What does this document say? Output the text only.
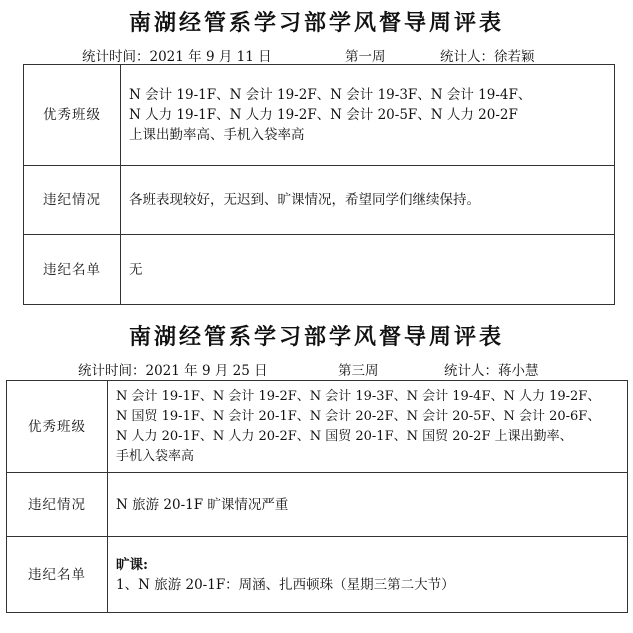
南湖经管系学习部学风督导周评表
统计时间：2021 年 9 月 11 日	第一周	统计人：徐若颖
优秀班级	N 会计 19-1F、N 会计 19-2F、N 会计 19-3F、N 会计 19-4F、
N 人力 19-1F、N 人力 19-2F、N 会计 20-5F、N 人力 20-2F
上课出勤率高、手机入袋率高

违纪情况	各班表现较好，无迟到、旷课情况，希望同学们继续保持。
违纪名单	无
南湖经管系学习部学风督导周评表
统计时间：2021 年 9 月 25 日	第三周	统计人：蒋小慧
优秀班级	N 会计 19-1F、N 会计 19-2F、N 会计 19-3F、N 会计 19-4F、N 人力 19-2F、
N 国贸 19-1F、N 会计 20-1F、N 会计 20-2F、N 会计 20-5F、N 会计 20-6F、
N 人力 20-1F、N 人力 20-2F、N 国贸 20-1F、N 国贸 20-2F 上课出勤率、
手机入袋率高

违纪情况	N 旅游 20-1F 旷课情况严重
违纪名单	旷课:
1、N 旅游 20-1F：周涵、扎西顿珠（星期三第二大节）
